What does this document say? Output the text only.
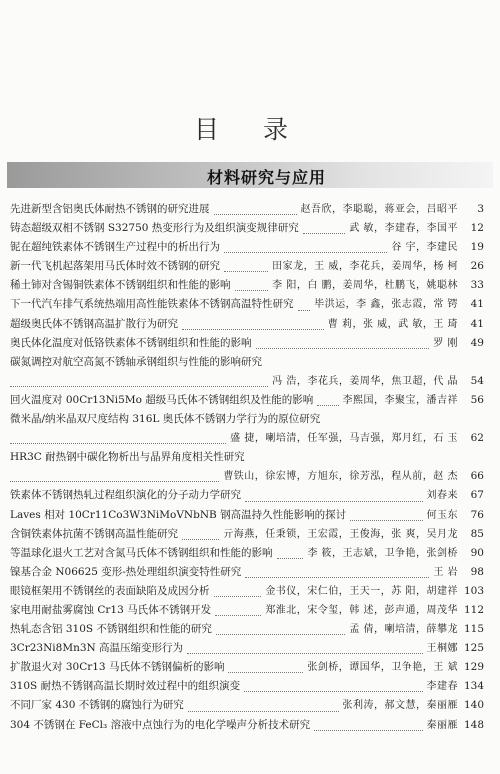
目 录
材料研究与应用
先进新型含铝奥氏体耐热不锈钢的研究进展	赵吾欣，李聪聪，蒋亚会，吕昭平	3
铸态超级双相不锈钢 S32750 热变形行为及组织演变规律研究	武 敏，李建春，李国平	12
铌在超纯铁素体不锈钢生产过程中的析出行为	谷 宇，李建民	19
新一代飞机起落架用马氏体时效不锈钢的研究	田家龙，王 威，李花兵，姜周华，杨 柯	26
稀土铈对含锡铜铁素体不锈钢组织和性能的影响	李 阳，白 鹏，姜周华，杜鹏飞，姚聪林	33
下一代汽车排气系统热端用高性能铁素体不锈钢高温特性研究 毕洪运，李 鑫，张志霞，常 锷	41
超级奥氏体不锈钢高温扩散行为研究	曹 莉，张 威，武 敏，王 琦	41
奥氏体化温度对低铬铁素体不锈钢组织和性能的影响	罗 刚	49
碳氮调控对航空高氮不锈轴承钢组织与性能的影响研究
冯 浩，李花兵，姜周华，焦卫超，代 晶	54
回火温度对 00Cr13Ni5Mo 超级马氏体不锈钢组织及性能的影响	李熙国，李聚宝，潘吉祥	56
微米晶/纳米晶双尺度结构 316L 奥氏体不锈钢力学行为的原位研究
盛 捷，喇培清，任军强，马吉强，郑月红，石 玉	62
HR3C 耐热钢中碳化物析出与晶界角度相关性研究
曹铁山，徐宏博，方旭东，徐芳泓，程从前，赵 杰	66
铁素体不锈钢热轧过程组织演化的分子动力学研究	刘春来	67
Laves 相对 10Cr11Co3W3NiMoVNbNB 钢高温持久性能影响的探讨	何玉东	76
含铜铁素体抗菌不锈钢高温性能研究	亓海燕，任秉锁，王宏霞，王俊海，张 爽，吴月龙	85
等温球化退火工艺对含氮马氏体不锈钢组织和性能的影响	李 筱，王志斌，卫争艳，张剑桥	90
镍基合金 N06625 变形-热处理组织演变特性研究	王 岩	98
眼镜框架用不锈钢丝的表面缺陷及成因分析	金书仪，宋仁伯，王天一，苏 阳，胡建祥 103
家电用耐盐雾腐蚀 Cr13 马氏体不锈钢开发	郑淮北，宋令玺，韩 述，彭声通，周茂华 112
热轧态含铝 310S 不锈钢组织和性能的研究	孟 倩，喇培清，薛攀龙 115
3Cr23Ni8Mn3N 高温压缩变形行为	王桐娜 125
扩散退火对 30Cr13 马氏体不锈钢偏析的影响	张剑桥，谭国华，卫争艳，王 斌 129
310S 耐热不锈钢高温长期时效过程中的组织演变	李建春 134
不同厂家 430 不锈钢的腐蚀行为研究	张利涛，郝文慧，秦丽雁 140
304 不锈钢在 FeCl₃ 溶液中点蚀行为的电化学噪声分析技术研究	秦丽雁 148
